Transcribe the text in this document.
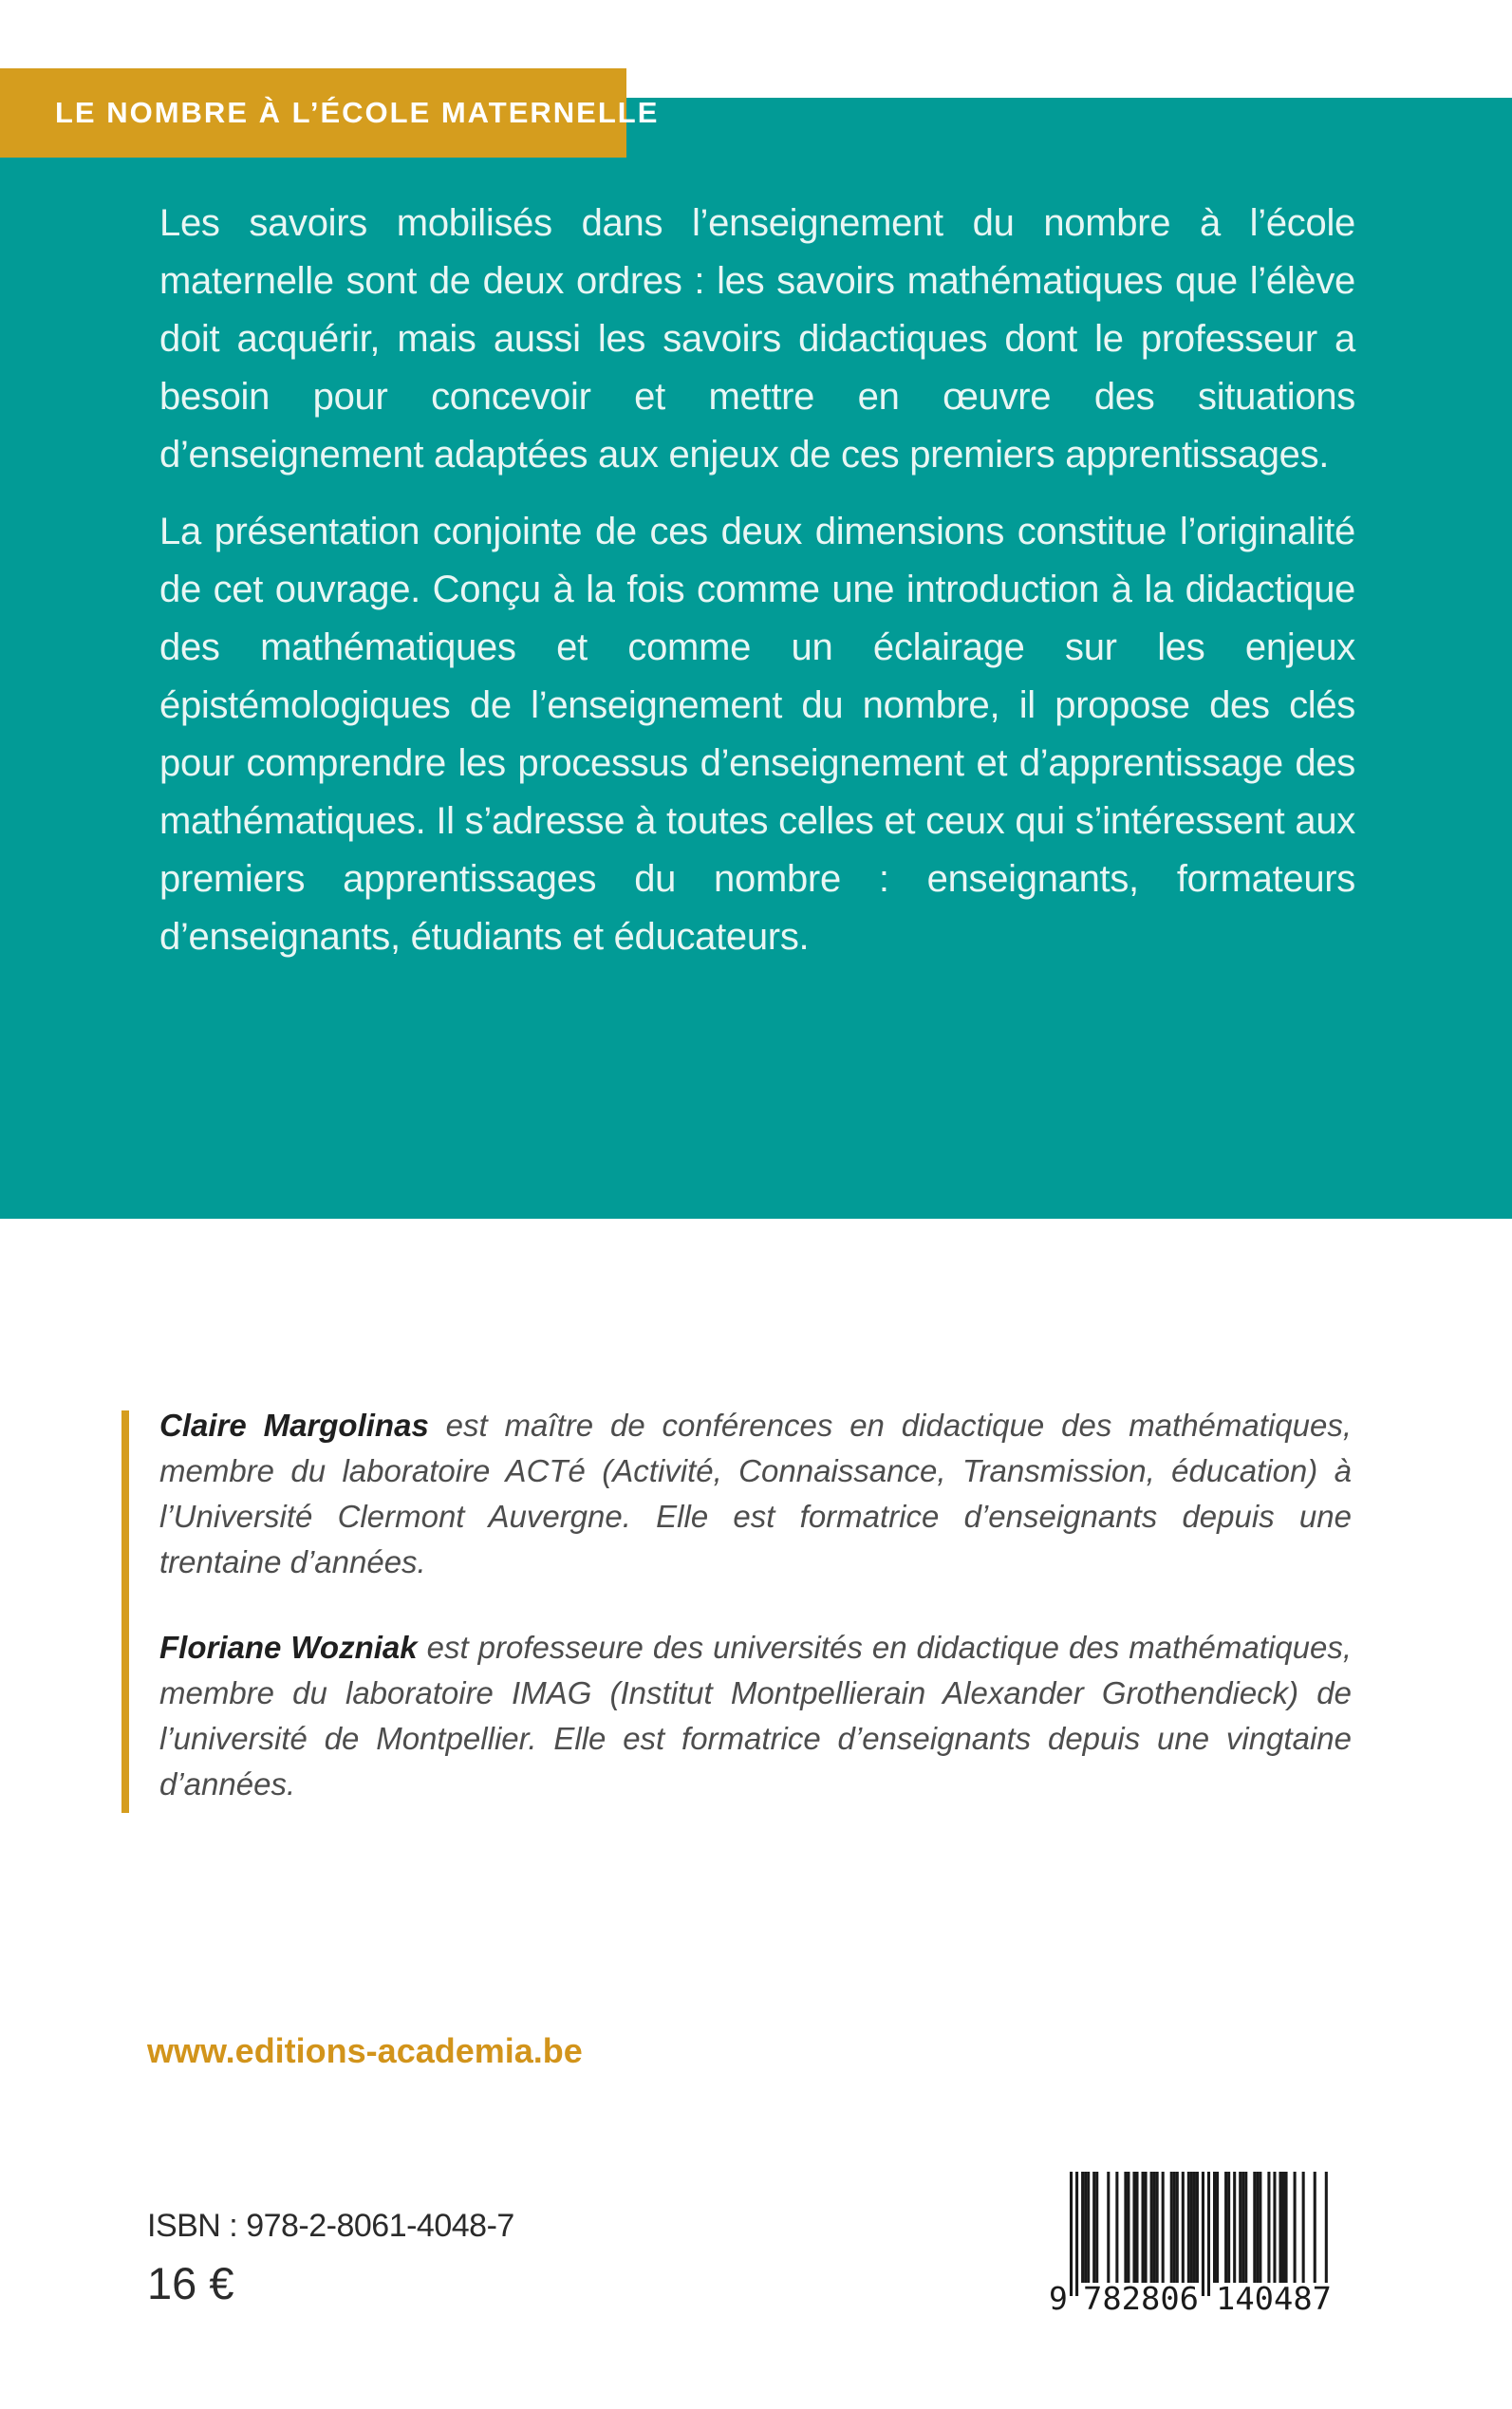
LE NOMBRE À L’ÉCOLE MATERNELLE

Les savoirs mobilisés dans l’enseignement du nombre à l’école maternelle sont de deux ordres : les savoirs mathématiques que l’élève doit acquérir, mais aussi les savoirs didactiques dont le professeur a besoin pour concevoir et mettre en œuvre des situations d’enseignement adaptées aux enjeux de ces premiers apprentissages.

La présentation conjointe de ces deux dimensions constitue l’originalité de cet ouvrage. Conçu à la fois comme une introduction à la didactique des mathématiques et comme un éclairage sur les enjeux épistémologiques de l’enseignement du nombre, il propose des clés pour comprendre les processus d’enseignement et d’apprentissage des mathématiques. Il s’adresse à toutes celles et ceux qui s’intéressent aux premiers apprentissages du nombre : enseignants, formateurs d’enseignants, étudiants et éducateurs.

Claire Margolinas est maître de conférences en didactique des mathématiques, membre du laboratoire ACTé (Activité, Connaissance, Transmission, éducation) à l’Université Clermont Auvergne. Elle est formatrice d’enseignants depuis une trentaine d’années.

Floriane Wozniak est professeure des universités en didactique des mathématiques, membre du laboratoire IMAG (Institut Montpellierain Alexander Grothendieck) de l’université de Montpellier. Elle est formatrice d’enseignants depuis une vingtaine d’années.

www.editions-academia.be
ISBN : 978-2-8061-4048-7
16 €	9 782806 140487
